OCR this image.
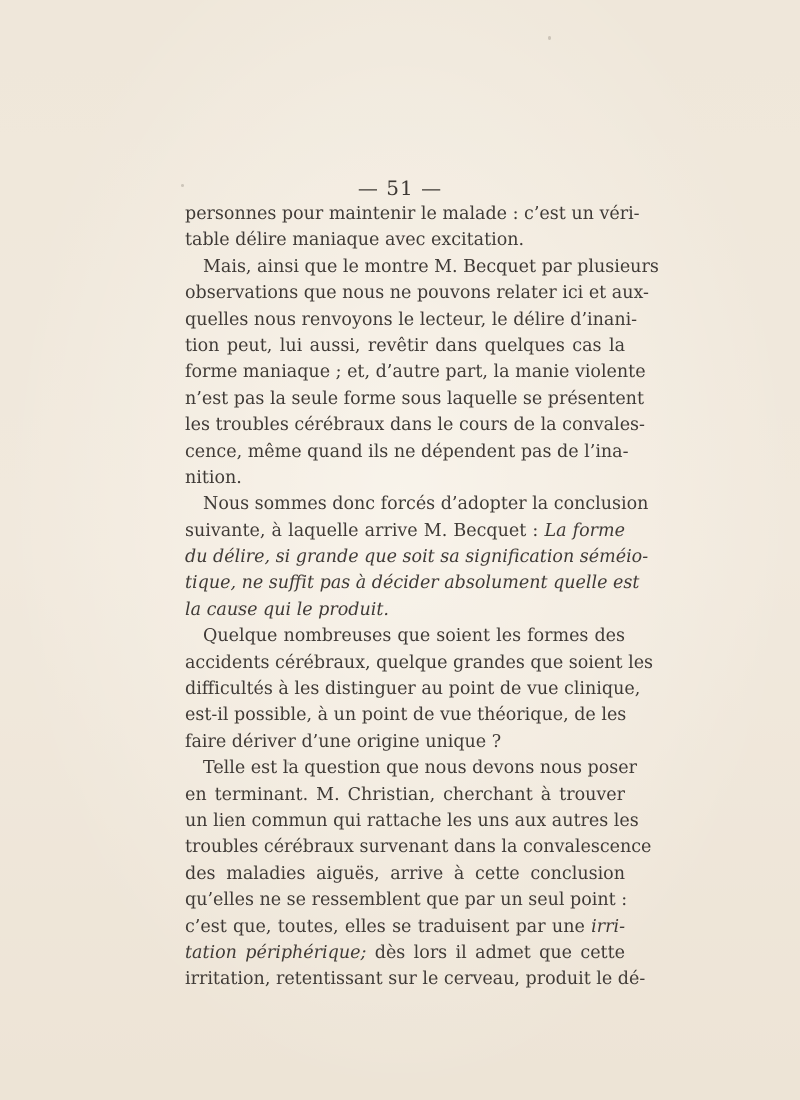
— 51 —
personnes pour maintenir le malade : c’est un véri-
table délire maniaque avec excitation.
Mais, ainsi que le montre M. Becquet par plusieurs
observations que nous ne pouvons relater ici et aux-
quelles nous renvoyons le lecteur, le délire d’inani-
tion peut, lui aussi, revêtir dans quelques cas la
forme maniaque ; et, d’autre part, la manie violente
n’est pas la seule forme sous laquelle se présentent
les troubles cérébraux dans le cours de la convales-
cence, même quand ils ne dépendent pas de l’ina-
nition.
Nous sommes donc forcés d’adopter la conclusion
suivante, à laquelle arrive M. Becquet : La forme
du délire, si grande que soit sa signification séméio-
tique, ne suffit pas à décider absolument quelle est
la cause qui le produit.
Quelque nombreuses que soient les formes des
accidents cérébraux, quelque grandes que soient les
difficultés à les distinguer au point de vue clinique,
est-il possible, à un point de vue théorique, de les
faire dériver d’une origine unique ?
Telle est la question que nous devons nous poser
en terminant. M. Christian, cherchant à trouver
un lien commun qui rattache les uns aux autres les
troubles cérébraux survenant dans la convalescence
des maladies aiguës, arrive à cette conclusion
qu’elles ne se ressemblent que par un seul point :
c’est que, toutes, elles se traduisent par une irri-
tation périphérique; dès lors il admet que cette
irritation, retentissant sur le cerveau, produit le dé-
